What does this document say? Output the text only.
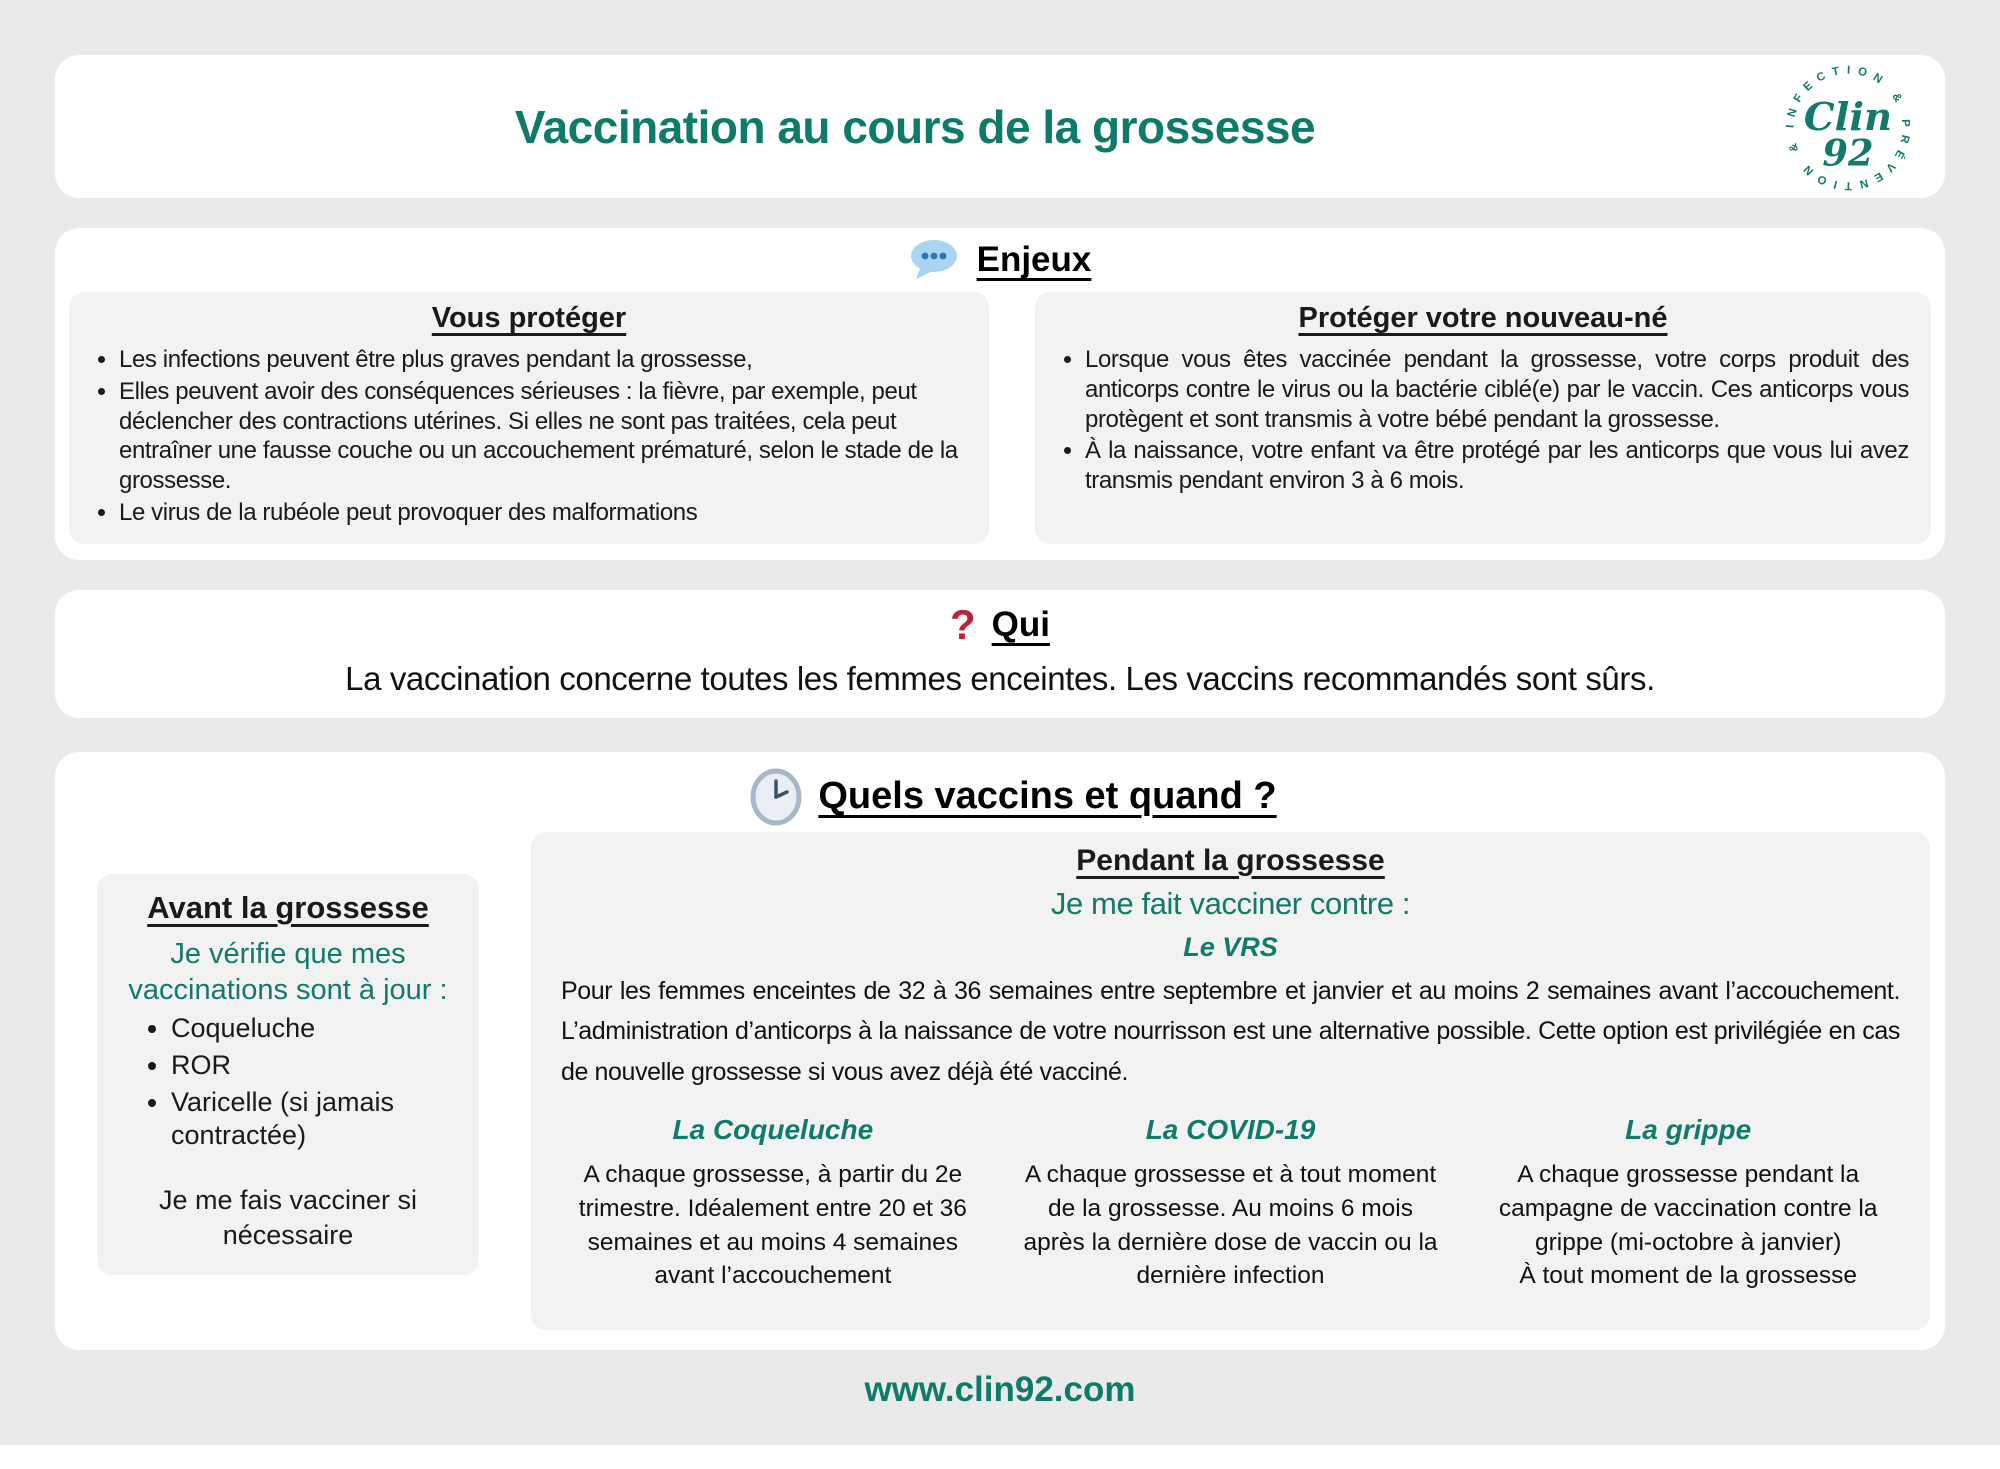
Vaccination au cours de la grossesse	INFECTION & PRÉVENTION &
Clin
92
Enjeux
Vous protéger
• Les infections peuvent être plus graves pendant la grossesse,
• Elles peuvent avoir des conséquences sérieuses : la fièvre, par exemple, peut déclencher des contractions utérines. Si elles ne sont pas traitées, cela peut entraîner une fausse couche ou un accouchement prématuré, selon le stade de la grossesse.
• Le virus de la rubéole peut provoquer des malformations
Protéger votre nouveau-né
• Lorsque vous êtes vaccinée pendant la grossesse, votre corps produit des anticorps contre le virus ou la bactérie ciblé(e) par le vaccin. Ces anticorps vous protègent et sont transmis à votre bébé pendant la grossesse.
• À la naissance, votre enfant va être protégé par les anticorps que vous lui avez transmis pendant environ 3 à 6 mois.
? Qui
La vaccination concerne toutes les femmes enceintes. Les vaccins recommandés sont sûrs.
Quels vaccins et quand ?
Avant la grossesse
Je vérifie que mes vaccinations sont à jour :
• Coqueluche
• ROR
• Varicelle (si jamais contractée)
Je me fais vacciner si nécessaire
Pendant la grossesse
Je me fait vacciner contre :
Le VRS
Pour les femmes enceintes de 32 à 36 semaines entre septembre et janvier et au moins 2 semaines avant l’accouchement. L’administration d’anticorps à la naissance de votre nourrisson est une alternative possible. Cette option est privilégiée en cas de nouvelle grossesse si vous avez déjà été vacciné.
La Coqueluche
A chaque grossesse, à partir du 2e trimestre. Idéalement entre 20 et 36 semaines et au moins 4 semaines avant l’accouchement
La COVID-19
A chaque grossesse et à tout moment de la grossesse. Au moins 6 mois après la dernière dose de vaccin ou la dernière infection
La grippe
A chaque grossesse pendant la campagne de vaccination contre la grippe (mi-octobre à janvier)
À tout moment de la grossesse
www.clin92.com
